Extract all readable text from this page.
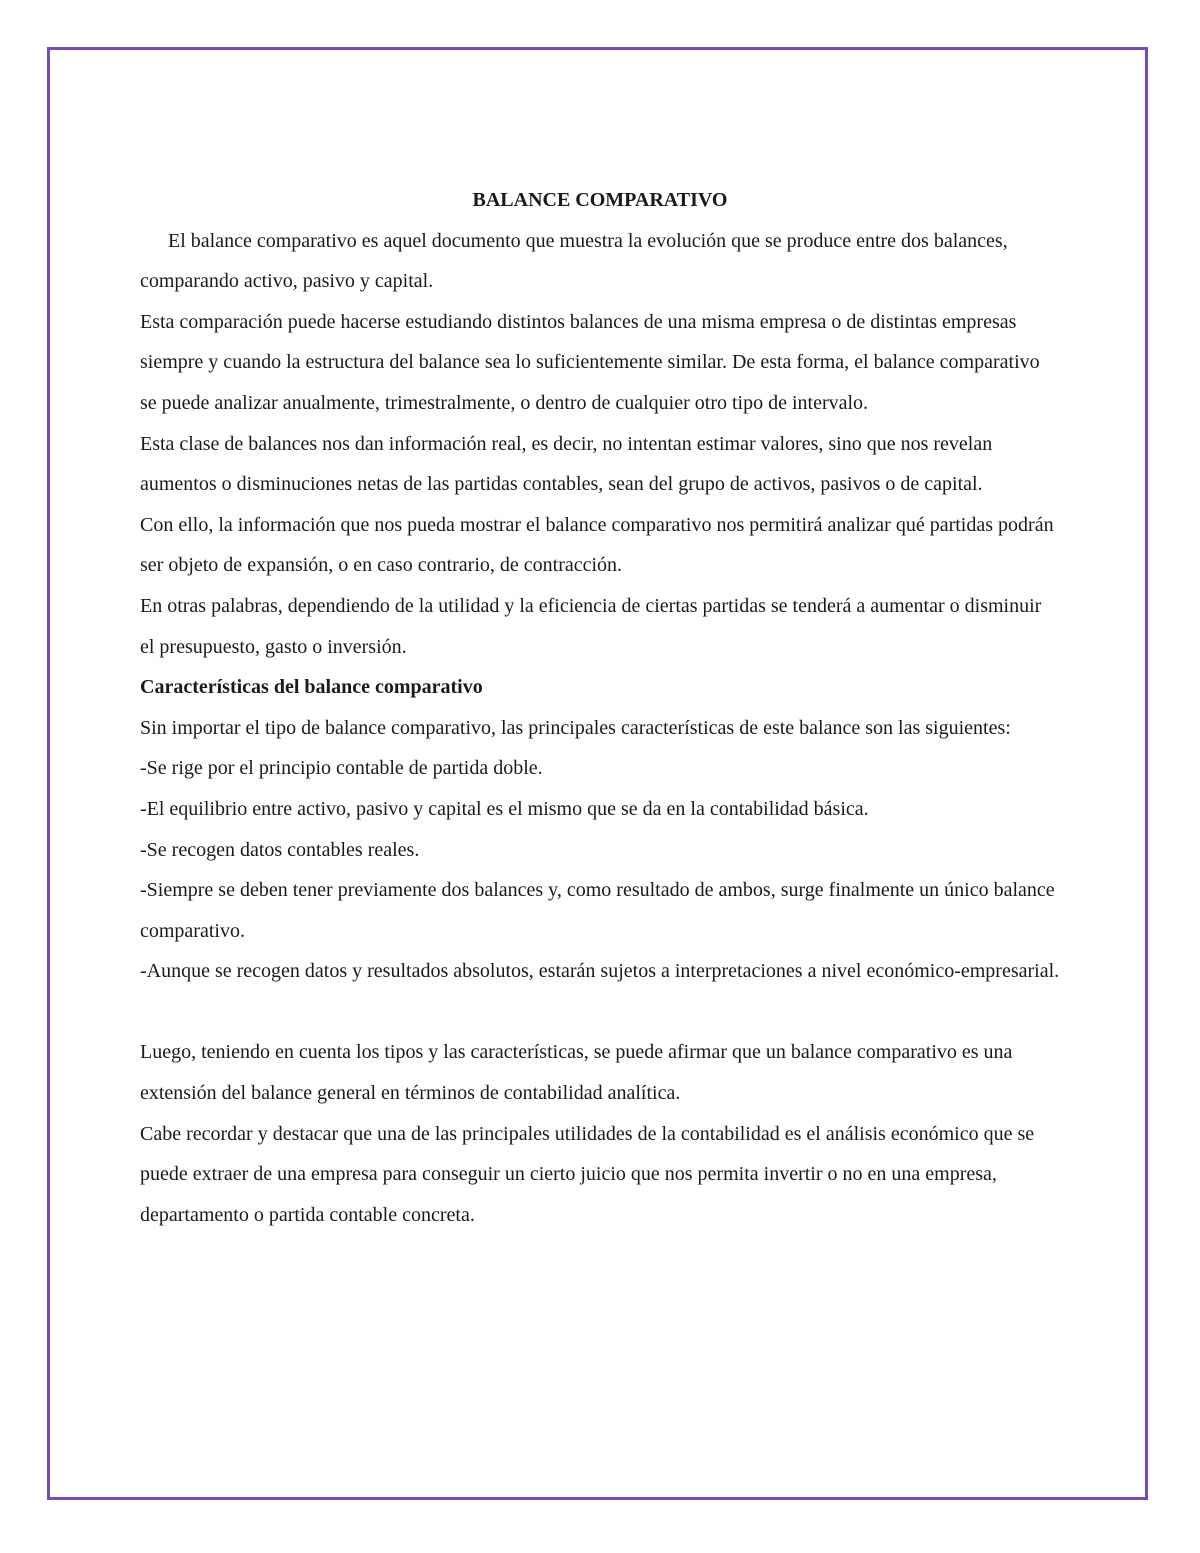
BALANCE COMPARATIVO

El balance comparativo es aquel documento que muestra la evolución que se produce entre dos balances, comparando activo, pasivo y capital.

Esta comparación puede hacerse estudiando distintos balances de una misma empresa o de distintas empresas siempre y cuando la estructura del balance sea lo suficientemente similar. De esta forma, el balance comparativo se puede analizar anualmente, trimestralmente, o dentro de cualquier otro tipo de intervalo.

Esta clase de balances nos dan información real, es decir, no intentan estimar valores, sino que nos revelan aumentos o disminuciones netas de las partidas contables, sean del grupo de activos, pasivos o de capital.

Con ello, la información que nos pueda mostrar el balance comparativo nos permitirá analizar qué partidas podrán ser objeto de expansión, o en caso contrario, de contracción.

En otras palabras, dependiendo de la utilidad y la eficiencia de ciertas partidas se tenderá a aumentar o disminuir el presupuesto, gasto o inversión.

Características del balance comparativo

Sin importar el tipo de balance comparativo, las principales características de este balance son las siguientes:

-Se rige por el principio contable de partida doble.

-El equilibrio entre activo, pasivo y capital es el mismo que se da en la contabilidad básica.

-Se recogen datos contables reales.

-Siempre se deben tener previamente dos balances y, como resultado de ambos, surge finalmente un único balance comparativo.

-Aunque se recogen datos y resultados absolutos, estarán sujetos a interpretaciones a nivel económico-empresarial.

Luego, teniendo en cuenta los tipos y las características, se puede afirmar que un balance comparativo es una extensión del balance general en términos de contabilidad analítica.

Cabe recordar y destacar que una de las principales utilidades de la contabilidad es el análisis económico que se puede extraer de una empresa para conseguir un cierto juicio que nos permita invertir o no en una empresa, departamento o partida contable concreta.
